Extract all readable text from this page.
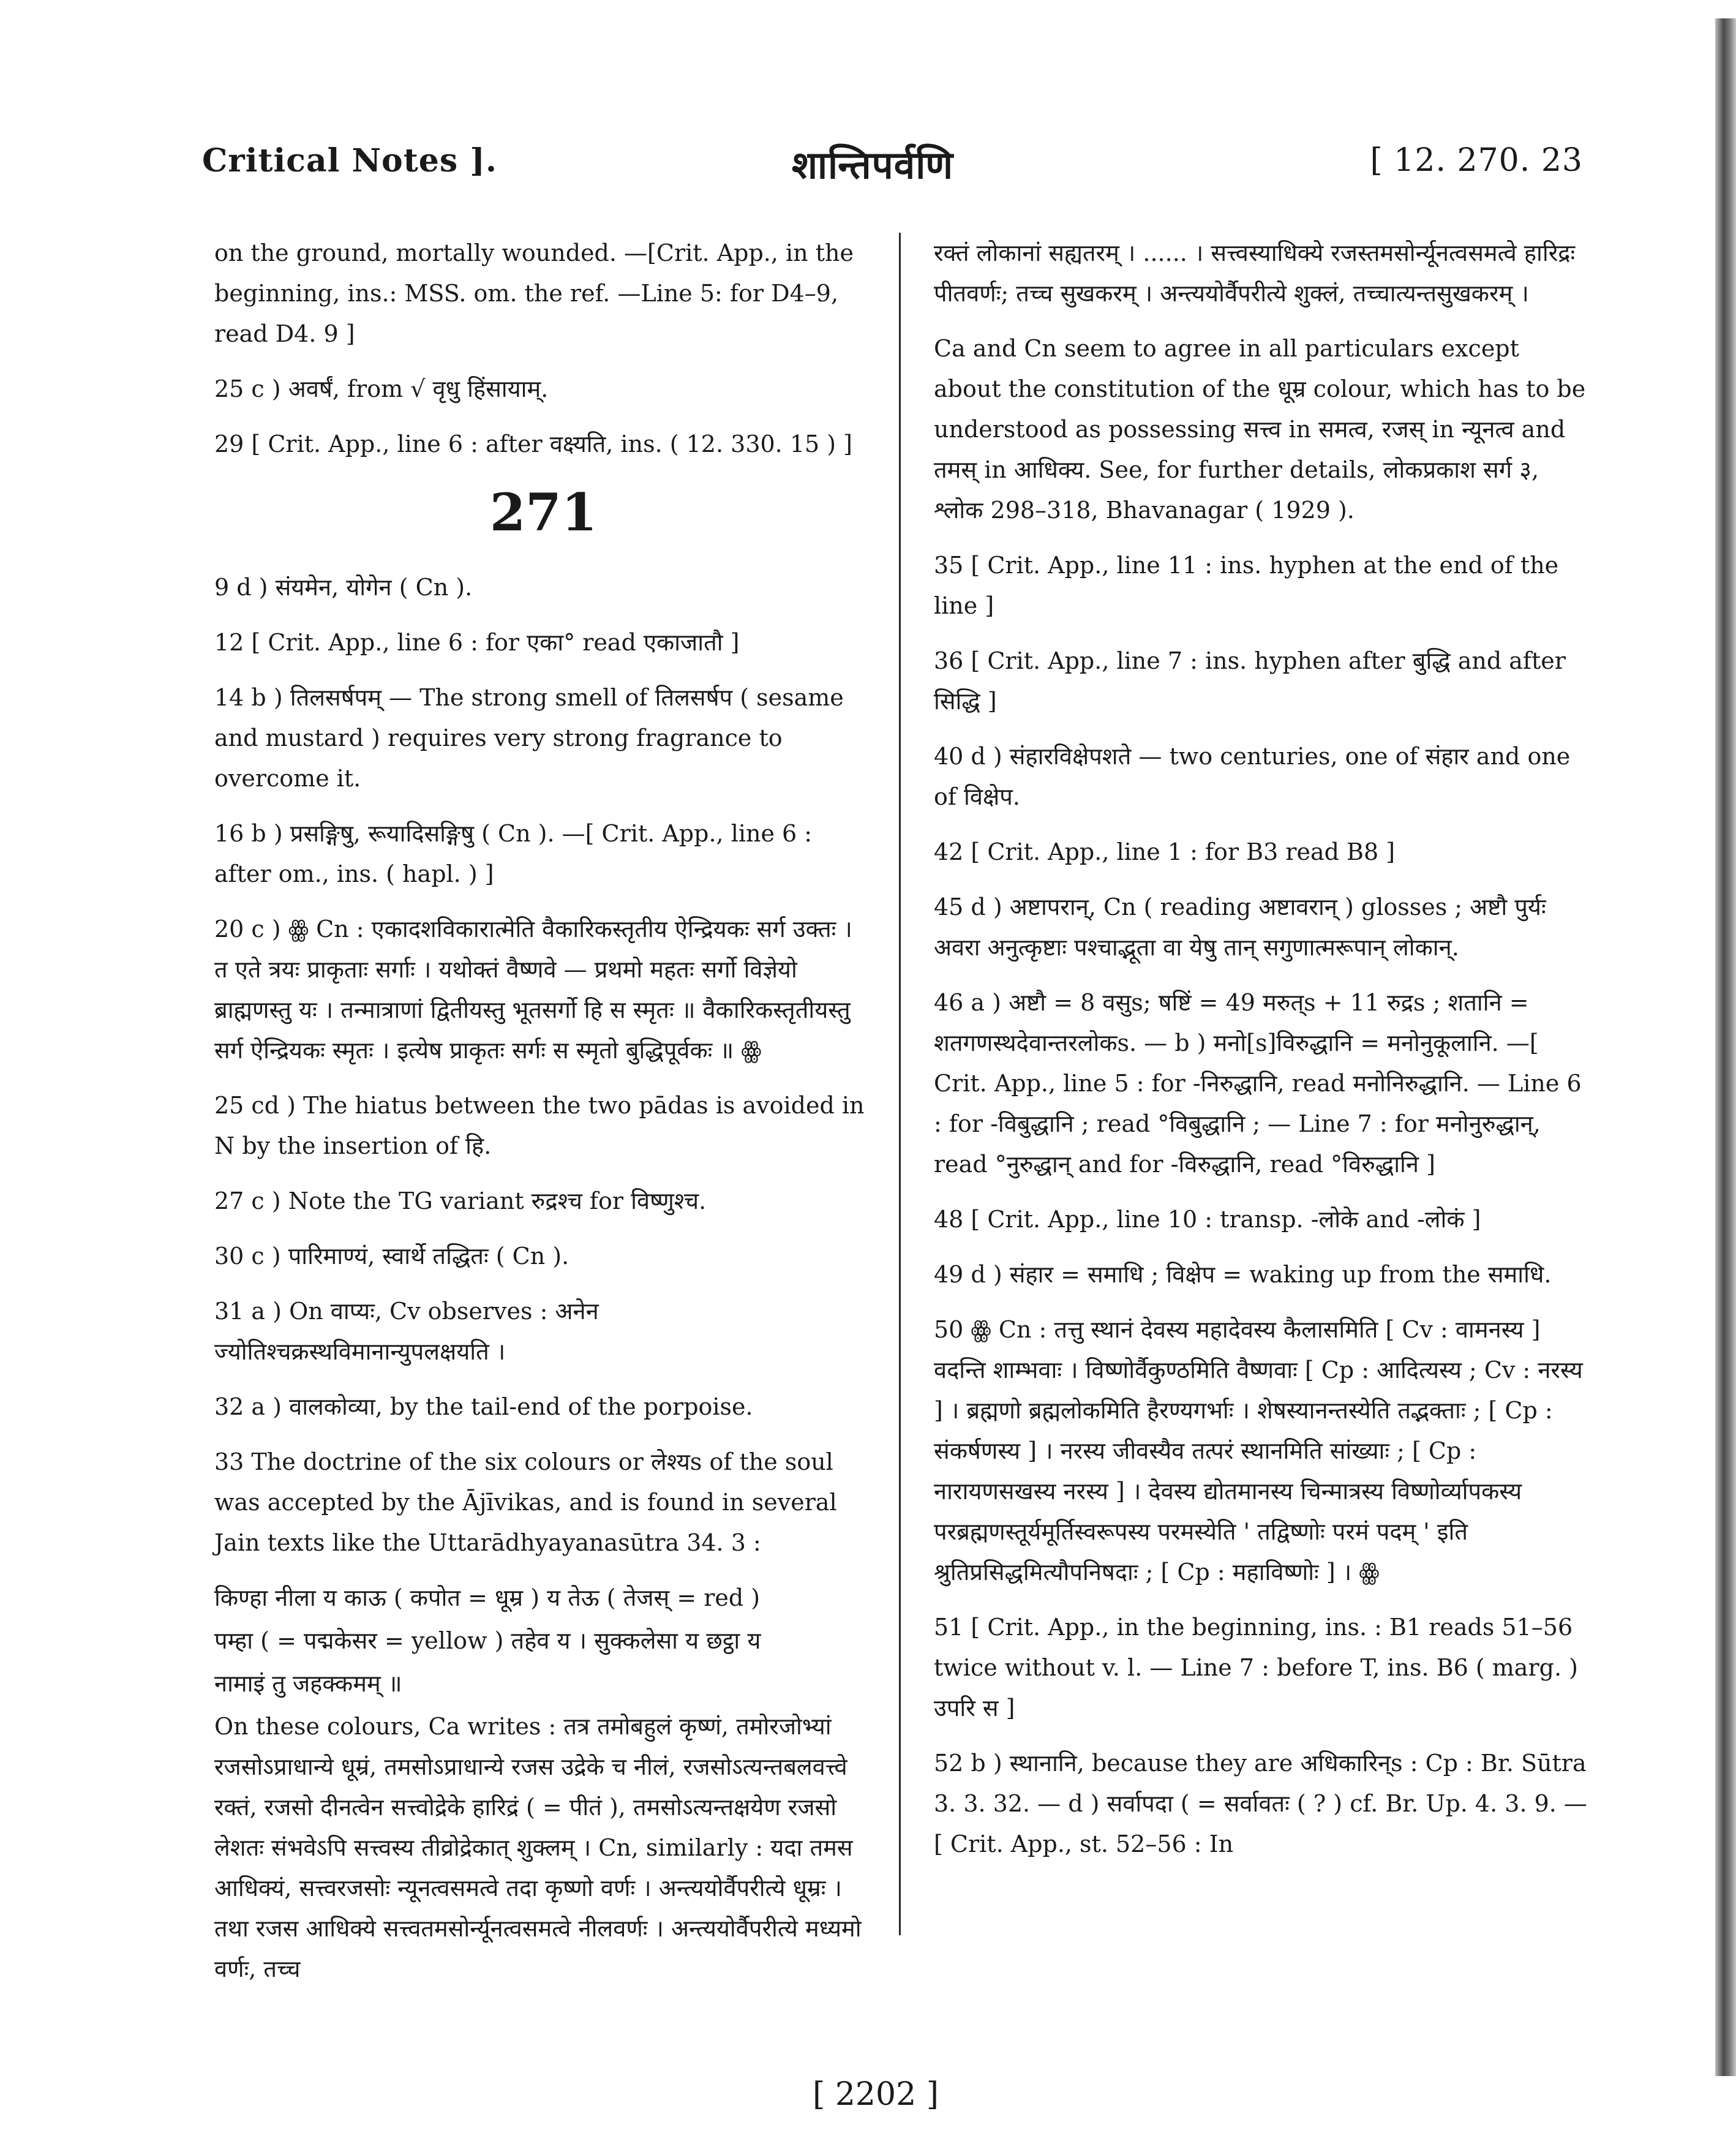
Critical Notes ].	शान्तिपर्वणि	[ 12. 270. 23

on the ground, mortally wounded. —[Crit. App., in the beginning, ins.: MSS. om. the ref. —Line 5: for D4–9, read D4. 9 ]

25 c ) अवर्षं, from √ वृधु हिंसायाम्.

29 [ Crit. App., line 6 : after वक्ष्यति, ins. ( 12. 330. 15 ) ]

271

9 d ) संयमेन, योगेन ( Cn ).

12 [ Crit. App., line 6 : for एका° read एकाजातौ ]

14 b ) तिलसर्षपम् — The strong smell of तिलसर्षप ( sesame and mustard ) requires very strong fragrance to overcome it.

16 b ) प्रसङ्गिषु, रूयादिसङ्गिषु ( Cn ). —[ Crit. App., line 6 : after om., ins. ( hapl. ) ]

20 c ) ꙮ Cn : एकादशविकारात्मेति वैकारिकस्तृतीय ऐन्द्रियकः सर्ग उक्तः । त एते त्रयः प्राकृताः सर्गाः । यथोक्तं वैष्णवे — प्रथमो महतः सर्गो विज्ञेयो ब्राह्मणस्तु यः । तन्मात्राणां द्वितीयस्तु भूतसर्गो हि स स्मृतः ॥ वैकारिकस्तृतीयस्तु सर्ग ऐन्द्रियकः स्मृतः । इत्येष प्राकृतः सर्गः स स्मृतो बुद्धिपूर्वकः ॥ ꙮ

25 cd ) The hiatus between the two pādas is avoided in N by the insertion of हि.

27 c ) Note the TG variant रुद्रश्च for विष्णुश्च.

30 c ) पारिमाण्यं, स्वार्थे तद्धितः ( Cn ).

31 a ) On वाप्यः, Cv observes : अनेन ज्योतिश्चक्रस्थविमानान्युपलक्षयति ।

32 a ) वालकोव्या, by the tail-end of the porpoise.

33 The doctrine of the six colours or लेश्यs of the soul was accepted by the Ājīvikas, and is found in several Jain texts like the Uttarādhyayanasūtra 34. 3 :

किण्हा नीला य काऊ ( कपोत = धूम्र ) य तेऊ ( तेजस् = red )

पम्हा ( = पद्मकेसर = yellow ) तहेव य । सुक्कलेसा य छट्ठा य

नामाइं तु जहक्कमम् ॥

On these colours, Ca writes : तत्र तमोबहुलं कृष्णं, तमोरजोभ्यां रजसोऽप्राधान्ये धूम्रं, तमसोऽप्राधान्ये रजस उद्रेके च नीलं, रजसोऽत्यन्तबलवत्त्वे रक्तं, रजसो दीनत्वेन सत्त्वोद्रेके हारिद्रं ( = पीतं ), तमसोऽत्यन्तक्षयेण रजसो लेशतः संभवेऽपि सत्त्वस्य तीव्रोद्रेकात् शुक्लम् । Cn, similarly : यदा तमस आधिक्यं, सत्त्वरजसोः न्यूनत्वसमत्वे तदा कृष्णो वर्णः । अन्त्ययोर्वैपरीत्ये धूम्रः । तथा रजस आधिक्ये सत्त्वतमसोर्न्यूनत्वसमत्वे नीलवर्णः । अन्त्ययोर्वैपरीत्ये मध्यमो वर्णः, तच्च

रक्तं लोकानां सह्यतरम् । ...... । सत्त्वस्याधिक्ये रजस्तमसोर्न्यूनत्वसमत्वे हारिद्रः पीतवर्णः; तच्च सुखकरम् । अन्त्ययोर्वैपरीत्ये शुक्लं, तच्चात्यन्तसुखकरम् ।

Ca and Cn seem to agree in all particulars except about the constitution of the धूम्र colour, which has to be understood as possessing सत्त्व in समत्व, रजस् in न्यूनत्व and तमस् in आधिक्य. See, for further details, लोकप्रकाश सर्ग ३, श्लोक 298–318, Bhavanagar ( 1929 ).

35 [ Crit. App., line 11 : ins. hyphen at the end of the line ]

36 [ Crit. App., line 7 : ins. hyphen after बुद्धि and after सिद्धि ]

40 d ) संहारविक्षेपशते — two centuries, one of संहार and one of विक्षेप.

42 [ Crit. App., line 1 : for B3 read B8 ]

45 d ) अष्टापरान्, Cn ( reading अष्टावरान् ) glosses ; अष्टौ पुर्यः अवरा अनुत्कृष्टाः पश्चाद्भूता वा येषु तान् सगुणात्मरूपान् लोकान्.

46 a ) अष्टौ = 8 वसुs; षष्टिं = 49 मरुत्s + 11 रुद्रs ; शतानि = शतगणस्थदेवान्तरलोकs. — b ) मनो[s]विरुद्धानि = मनोनुकूलानि. —[ Crit. App., line 5 : for -निरुद्धानि, read मनोनिरुद्धानि. — Line 6 : for -विबुद्धानि ; read °विबुद्धानि ; — Line 7 : for मनोनुरुद्धान्, read °नुरुद्धान् and for -विरुद्धानि, read °विरुद्धानि ]

48 [ Crit. App., line 10 : transp. -लोके and -लोकं ]

49 d ) संहार = समाधि ; विक्षेप = waking up from the समाधि.

50 ꙮ Cn : तत्तु स्थानं देवस्य महादेवस्य कैलासमिति [ Cv : वामनस्य ] वदन्ति शाम्भवाः । विष्णोर्वैकुण्ठमिति वैष्णवाः [ Cp : आदित्यस्य ; Cv : नरस्य ] । ब्रह्मणो ब्रह्मलोकमिति हैरण्यगर्भाः । शेषस्यानन्तस्येति तद्भक्ताः ; [ Cp : संकर्षणस्य ] । नरस्य जीवस्यैव तत्परं स्थानमिति सांख्याः ; [ Cp : नारायणसखस्य नरस्य ] । देवस्य द्योतमानस्य चिन्मात्रस्य विष्णोर्व्यापकस्य परब्रह्मणस्तूर्यमूर्तिस्वरूपस्य परमस्येति ' तद्विष्णोः परमं पदम् ' इति श्रुतिप्रसिद्धमित्यौपनिषदाः ; [ Cp : महाविष्णोः ] । ꙮ

51 [ Crit. App., in the beginning, ins. : B1 reads 51–56 twice without v. l. — Line 7 : before T, ins. B6 ( marg. ) उपरि स ]

52 b ) स्थानानि, because they are अधिकारिन्s : Cp : Br. Sūtra 3. 3. 32. — d ) सर्वापदा ( = सर्वावतः ( ? ) cf. Br. Up. 4. 3. 9. —[ Crit. App., st. 52–56 : In

[ 2202 ]
